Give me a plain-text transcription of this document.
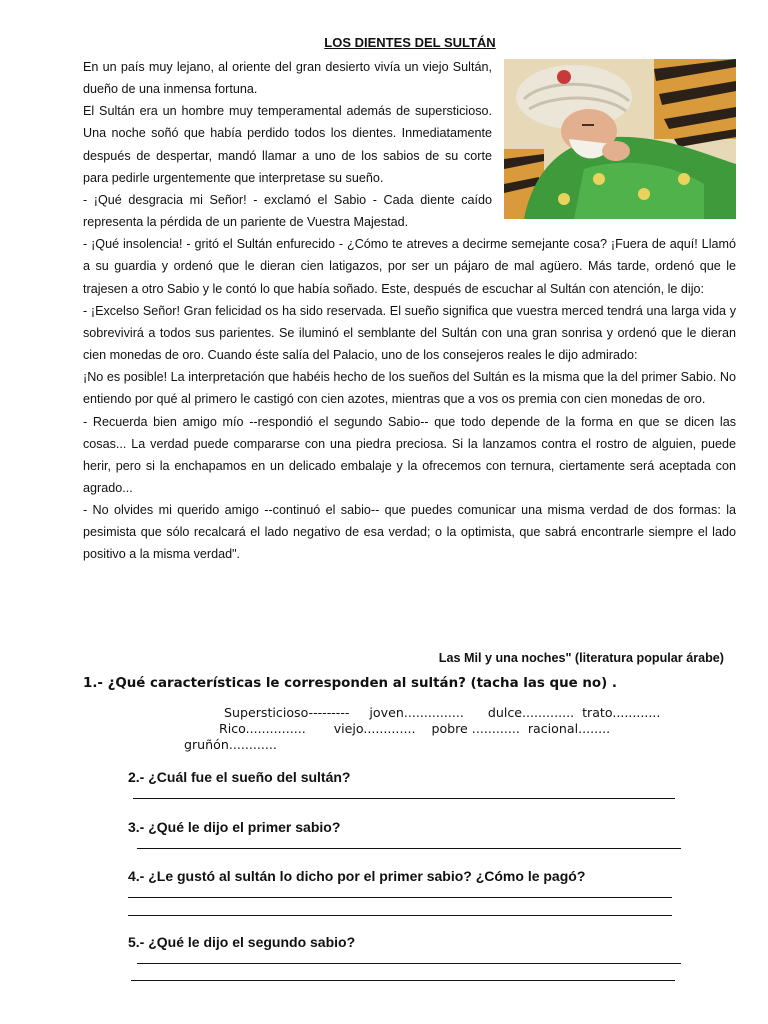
LOS DIENTES DEL SULTÁN

En un país muy lejano, al oriente del gran desierto vivía un viejo Sultán, dueño de una inmensa fortuna.

El Sultán era un hombre muy temperamental además de supersticioso. Una noche soñó que había perdido todos los dientes. Inmediatamente después de despertar, mandó llamar a uno de los sabios de su corte para pedirle urgentemente que interpretase su sueño.

- ¡Qué desgracia mi Señor! - exclamó el Sabio - Cada diente caído representa la pérdida de un pariente de Vuestra Majestad.

- ¡Qué insolencia! - gritó el Sultán enfurecido - ¿Cómo te atreves a decirme semejante cosa? ¡Fuera de aquí! Llamó a su guardia y ordenó que le dieran cien latigazos, por ser un pájaro de mal agüero. Más tarde, ordenó que le trajesen a otro Sabio y le contó lo que había soñado. Este, después de escuchar al Sultán con atención, le dijo:

- ¡Excelso Señor! Gran felicidad os ha sido reservada. El sueño significa que vuestra merced tendrá una larga vida y sobrevivirá a todos sus parientes. Se iluminó el semblante del Sultán con una gran sonrisa y ordenó que le dieran cien monedas de oro. Cuando éste salía del Palacio, uno de los consejeros reales le dijo admirado:

¡No es posible! La interpretación que habéis hecho de los sueños del Sultán es la misma que la del primer Sabio. No entiendo por qué al primero le castigó con cien azotes, mientras que a vos os premia con cien monedas de oro.

- Recuerda bien amigo mío --respondió el segundo Sabio-- que todo depende de la forma en que se dicen las cosas... La verdad puede compararse con una piedra preciosa. Si la lanzamos contra el rostro de alguien, puede herir, pero si la enchapamos en un delicado embalaje y la ofrecemos con ternura, ciertamente será aceptada con agrado...

- No olvides mi querido amigo --continuó el sabio-- que puedes comunicar una misma verdad de dos formas: la pesimista que sólo recalcará el lado negativo de esa verdad; o la optimista, que sabrá encontrarle siempre el lado positivo a la misma verdad".

Las Mil y una noches" (literatura popular árabe)
1.- ¿Qué características le corresponden al sultán? (tacha las que no) .
Supersticioso---------     joven...............      dulce.............  trato............
Rico...............       viejo.............    pobre ............  racional........
gruñón............
2.- ¿Cuál fue el sueño del sultán?
3.- ¿Qué le dijo el primer sabio?
4.- ¿Le gustó al sultán lo dicho por el primer sabio? ¿Cómo le pagó?
5.- ¿Qué le dijo el segundo sabio?
